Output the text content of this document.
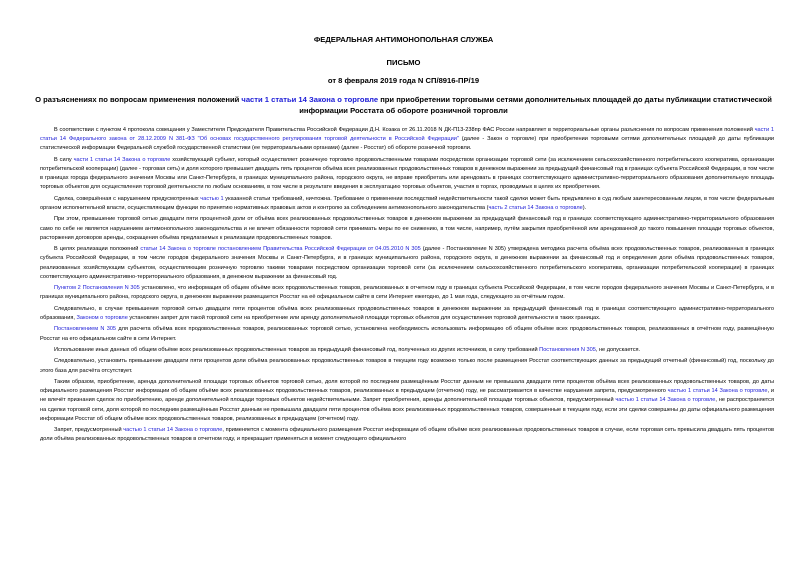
ФЕДЕРАЛЬНАЯ АНТИМОНОПОЛЬНАЯ СЛУЖБА
ПИСЬМО
от 8 февраля 2019 года N СП/8916-ПР/19
О разъяснениях по вопросам применения положений части 1 статьи 14 Закона о торговле при приобретении торговыми сетями дополнительных площадей до даты публикации статистической информации Росстата об обороте розничной торговли

В соответствии с пунктом 4 протокола совещания у Заместителя Председателя Правительства Российской Федерации Д.Н. Козака от 26.11.2018 N ДК-П13-238пр ФАС России направляет в территориальные органы разъяснения по вопросам применения положений части 1 статьи 14 Федерального закона от 28.12.2009 N 381-ФЗ "Об основах государственного регулирования торговой деятельности в Российской Федерации" (далее - Закон о торговле) при приобретении торговыми сетями дополнительных площадей до даты публикации статистической информации Федеральной службой государственной статистики (ее территориальными органами) (далее - Росстат) об обороте розничной торговли.

В силу части 1 статьи 14 Закона о торговле хозяйствующий субъект, который осуществляет розничную торговлю продовольственными товарами посредством организации торговой сети (за исключением сельскохозяйственного потребительского кооператива, организации потребительской кооперации) (далее - торговая сеть) и доля которого превышает двадцать пять процентов объёма всех реализованных продовольственных товаров в денежном выражении за предыдущий финансовый год в границах субъекта Российской Федерации, в том числе в границах города федерального значения Москвы или Санкт-Петербурга, в границах муниципального района, городского округа, не вправе приобретать или арендовать в границах соответствующего административно-территориального образования дополнительную площадь торговых объектов для осуществления торговой деятельности по любым основаниям, в том числе в результате введения в эксплуатацию торговых объектов, участия в торгах, проводимых в целях их приобретения.

Сделка, совершённая с нарушением предусмотренных частью 1 указанной статьи требований, ничтожна. Требование о применении последствий недействительности такой сделки может быть предъявлено в суд любым заинтересованным лицом, в том числе федеральным органом исполнительной власти, осуществляющим функции по принятию нормативных правовых актов и контролю за соблюдением антимонопольного законодательства (часть 2 статьи 14 Закона о торговле).

При этом, превышение торговой сетью двадцати пяти процентной доли от объёма всех реализованных продовольственных товаров в денежном выражении за предыдущий финансовый год в границах соответствующего административно-территориального образования само по себе не является нарушением антимонопольного законодательства и не влечет обязанности торговой сети принимать меры по ее снижению, в том числе, например, путём закрытия приобретённой или арендованной до такого повышения площади торговых объектов, расторжения договоров аренды, сокращения объёма предлагаемых к реализации продовольственных товаров.

В целях реализации положений статьи 14 Закона о торговле постановлением Правительства Российской Федерации от 04.05.2010 N 305 (далее - Постановление N 305) утверждена методика расчета объёма всех продовольственных товаров, реализованных в границах субъекта Российской Федерации, в том числе городов федерального значения Москвы и Санкт-Петербурга, и в границах муниципального района, городского округа, в денежном выражении за финансовый год и определения доли объёма продовольственных товаров, реализованных хозяйствующим субъектом, осуществляющим розничную торговлю такими товарами посредством организации торговой сети (за исключением сельскохозяйственного потребительского кооператива, организации потребительской кооперации) в границах соответствующего административно-территориального образования, в денежном выражении за финансовый год.

Пунктом 2 Постановления N 305 установлено, что информация об общем объёме всех продовольственных товаров, реализованных в отчетном году в границах субъекта Российской Федерации, в том числе городов федерального значения Москвы и Санкт-Петербурга, и в границах муниципального района, городского округа, в денежном выражении размещается Росстат на её официальном сайте в сети Интернет ежегодно, до 1 мая года, следующего за отчётным годом.

Следовательно, в случае превышения торговой сетью двадцати пяти процентов объёма всех реализованных продовольственных товаров в денежном выражении за предыдущий финансовый год в границах соответствующего административно-территориального образования, Законом о торговле установлен запрет для такой торговой сети на приобретение или аренду дополнительной площади торговых объектов для осуществления торговой деятельности в таких границах.

Постановлением N 305 для расчета объёма всех продовольственных товаров, реализованных торговой сетью, установлена необходимость использовать информацию об общем объёме всех продовольственных товаров, реализованных в отчётном году, размещённую Росстат на его официальном сайте в сети Интернет.

Использование иных данных об общем объёме всех реализованных продовольственных товаров за предыдущий финансовый год, полученных из других источников, в силу требований Постановления N 305, не допускается.

Следовательно, установить превышение двадцати пяти процентов доли объёма реализованных продовольственных товаров в текущем году возможно только после размещения Росстат соответствующих данных за предыдущий отчетный (финансовый) год, поскольку до этого база для расчёта отсутствует.

Таким образом, приобретение, аренда дополнительной площади торговых объектов торговой сетью, доля которой по последним размещённым Росстат данным не превышала двадцати пяти процентов объёма всех реализованных продовольственных товаров, до даты официального размещения Росстат информации об общем объёме всех реализованных продовольственных товаров, реализованных в предыдущем (отчетном) году, не рассматривается в качестве нарушения запрета, предусмотренного частью 1 статьи 14 Закона о торговле, и не влечёт признания сделок по приобретению, аренде дополнительной площади торговых объектов недействительными. Запрет приобретения, аренды дополнительной площади торговых объектов, предусмотренный частью 1 статьи 14 Закона о торговле, не распространяется на сделки торговой сети, доля которой по последним размещённым Росстат данным не превышала двадцати пяти процентов объёма всех реализованных продовольственных товаров, совершенные в текущем году, если эти сделки совершены до даты официального размещения информации Росстат об общем объёме всех продовольственных товаров, реализованных в предыдущем (отчетном) году.

Запрет, предусмотренный частью 1 статьи 14 Закона о торговле, применяется с момента официального размещения Росстат информации об общем объёме всех реализованных продовольственных товаров в случае, если торговая сеть превысила двадцать пять процентов доли объёма реализованных продовольственных товаров в отчетном году, и прекращает применяться в момент следующего официального
